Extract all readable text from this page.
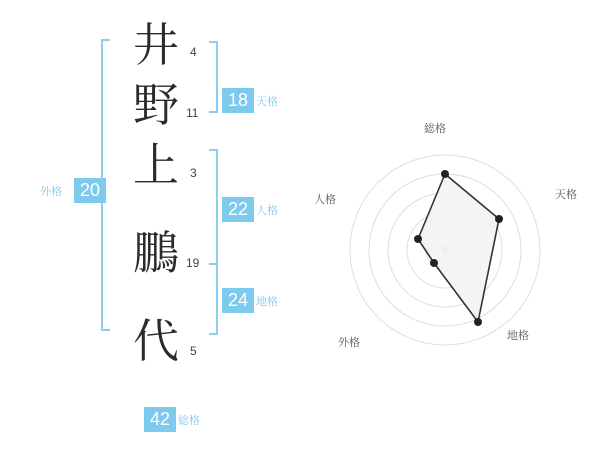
井 4
野 11
上 3
鵬 19
代 5
18 天格
22 人格
24 地格
20
外格
42 総格
総格
天格
地格
外格
人格
